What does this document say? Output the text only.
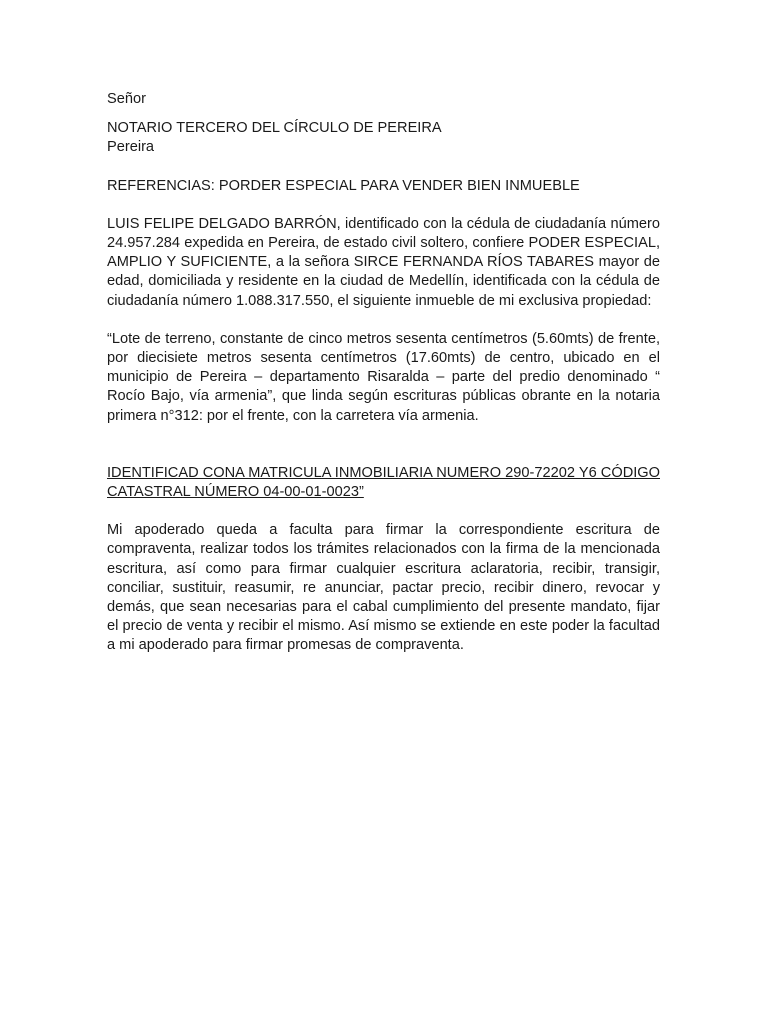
Señor

NOTARIO TERCERO DEL CÍRCULO DE PEREIRA

Pereira

REFERENCIAS: PORDER ESPECIAL PARA VENDER BIEN INMUEBLE

LUIS FELIPE DELGADO BARRÓN, identificado con la cédula de ciudadanía número 24.957.284 expedida en Pereira, de estado civil soltero, confiere PODER ESPECIAL, AMPLIO Y SUFICIENTE, a la señora SIRCE FERNANDA RÍOS TABARES mayor de edad, domiciliada y residente en la ciudad de Medellín, identificada con la cédula de ciudadanía número 1.088.317.550, el siguiente inmueble de mi exclusiva propiedad:

“Lote de terreno, constante de cinco metros sesenta centímetros (5.60mts) de frente, por diecisiete metros sesenta centímetros (17.60mts) de centro, ubicado en el municipio de Pereira – departamento Risaralda – parte del predio denominado “ Rocío Bajo, vía armenia”, que linda según escrituras públicas obrante en la notaria primera n°312: por el frente, con la carretera vía armenia.

IDENTIFICAD CONA MATRICULA INMOBILIARIA NUMERO 290-72202 Y6 CÓDIGO CATASTRAL NÚMERO 04-00-01-0023”

Mi apoderado queda a faculta para firmar la correspondiente escritura de compraventa, realizar todos los trámites relacionados con la firma de la mencionada escritura, así como para firmar cualquier escritura aclaratoria, recibir, transigir, conciliar, sustituir, reasumir, re anunciar, pactar precio, recibir dinero, revocar y demás, que sean necesarias para el cabal cumplimiento del presente mandato, fijar el precio de venta y recibir el mismo. Así mismo se extiende en este poder la facultad a mi apoderado para firmar promesas de compraventa.
